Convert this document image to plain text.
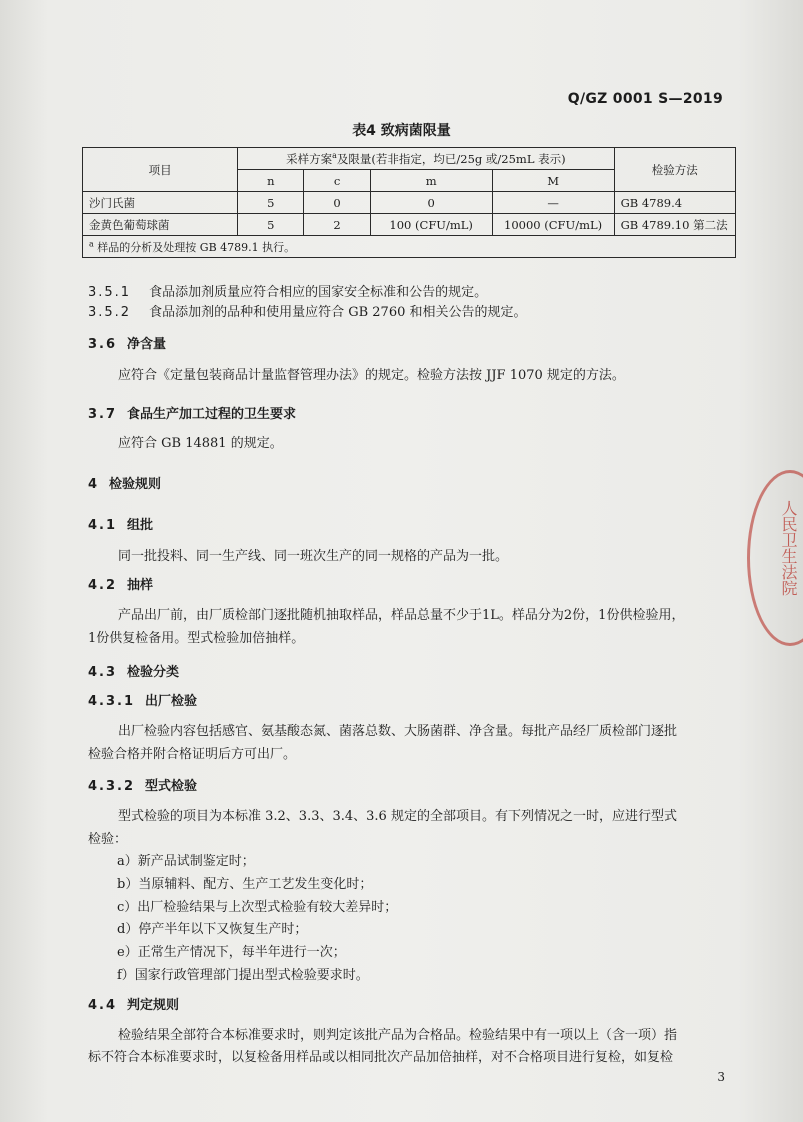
Q/GZ 0001 S—2019
表4 致病菌限量
项目	采样方案$^a$及限量(若非指定，均已/25g 或/25mL 表示)				检验方法
	n	c	m	M	
沙门氏菌	5	0	0	—	GB 4789.4
金黄色葡萄球菌	5	2	100 (CFU/mL)	10000 (CFU/mL)	GB 4789.10 第二法
$^a$ 样品的分析及处理按 GB 4789.1 执行。					
3.5.1 食品添加剂质量应符合相应的国家安全标准和公告的规定。
3.5.2 食品添加剂的品种和使用量应符合 GB 2760 和相关公告的规定。
3.6 净含量
应符合《定量包装商品计量监督管理办法》的规定。检验方法按 JJF 1070 规定的方法。
3.7 食品生产加工过程的卫生要求
应符合 GB 14881 的规定。
4 检验规则
4.1 组批
同一批投料、同一生产线、同一班次生产的同一规格的产品为一批。
4.2 抽样
产品出厂前，由厂质检部门逐批随机抽取样品，样品总量不少于1L。样品分为2份，1份供检验用，
1份供复检备用。型式检验加倍抽样。
4.3 检验分类
4.3.1 出厂检验
出厂检验内容包括感官、氨基酸态氮、菌落总数、大肠菌群、净含量。每批产品经厂质检部门逐批
检验合格并附合格证明后方可出厂。
4.3.2 型式检验
型式检验的项目为本标准 3.2、3.3、3.4、3.6 规定的全部项目。有下列情况之一时，应进行型式
检验：
a）新产品试制鉴定时；
b）当原辅料、配方、生产工艺发生变化时；
c）出厂检验结果与上次型式检验有较大差异时；
d）停产半年以下又恢复生产时；
e）正常生产情况下，每半年进行一次；
f）国家行政管理部门提出型式检验要求时。
4.4 判定规则
检验结果全部符合本标准要求时，则判定该批产品为合格品。检验结果中有一项以上（含一项）指
标不符合本标准要求时，以复检备用样品或以相同批次产品加倍抽样，对不合格项目进行复检，如复检
3
人民卫生法院
